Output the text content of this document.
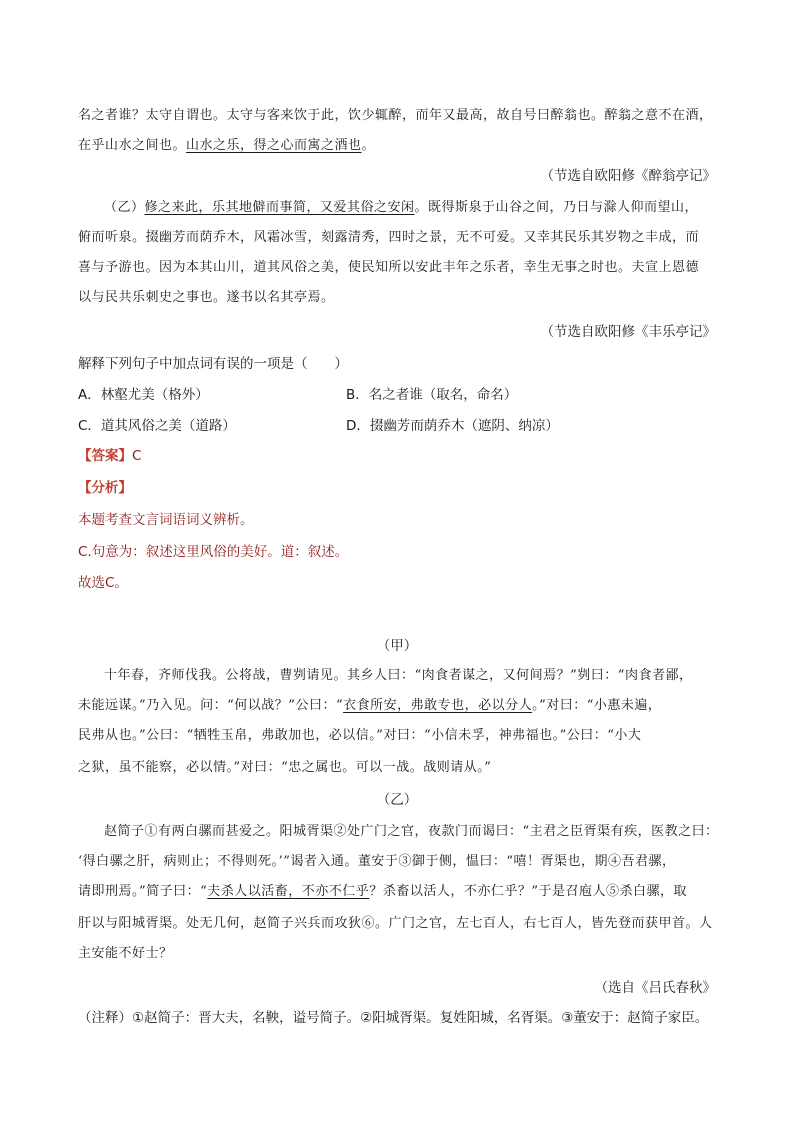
名之者谁？太守自谓也。太守与客来饮于此，饮少辄醉，而年又最高，故自号曰醉翁也。醉翁之意不在酒，
在乎山水之间也。山水之乐，得之心而寓之酒也。
（节选自欧阳修《醉翁亭记》
（乙）修之来此，乐其地僻而事简，又爱其俗之安闲。既得斯泉于山谷之间，乃日与滁人仰而望山，
俯而听泉。掇幽芳而荫乔木，风霜冰雪，刻露清秀，四时之景，无不可爱。又幸其民乐其岁物之丰成，而
喜与予游也。因为本其山川，道其风俗之美，使民知所以安此丰年之乐者，幸生无事之时也。夫宣上恩德
以与民共乐刺史之事也。遂书以名其亭焉。
（节选自欧阳修《丰乐亭记》
解释下列句子中加点词有误的一项是（　　）
A．林壑尤美（格外）	B．名之者谁（取名，命名）
C．道其风俗之美（道路）	D．掇幽芳而荫乔木（遮阴、纳凉）
【答案】C
【分析】
本题考查文言词语词义辨析。
C.句意为：叙述这里风俗的美好。道：叙述。
故选C。
（甲）
十年春，齐师伐我。公将战，曹刿请见。其乡人曰：“肉食者谋之，又何间焉？”刿曰：“肉食者鄙，
未能远谋。”乃入见。问：“何以战？”公曰：“衣食所安，弗敢专也，必以分人。”对曰：“小惠未遍，
民弗从也。”公曰：“牺牲玉帛，弗敢加也，必以信。”对曰：“小信未孚，神弗福也。”公曰：“小大
之狱，虽不能察，必以情。”对曰：“忠之属也。可以一战。战则请从。”
（乙）
赵简子①有两白骡而甚爱之。阳城胥渠②处广门之官，夜款门而谒曰：“主君之臣胥渠有疾，医教之曰：
‘得白骡之肝，病则止；不得则死。’”谒者入通。董安于③御于侧，愠曰：“嘻！胥渠也，期④吾君骡，
请即刑焉。”简子曰：“夫杀人以活畜，不亦不仁乎？杀畜以活人，不亦仁乎？”于是召庖人⑤杀白骡，取
肝以与阳城胥渠。处无几何，赵简子兴兵而攻狄⑥。广门之官，左七百人，右七百人，皆先登而获甲首。人
主安能不好士？
（选自《吕氏春秋》
（注释）①赵简子：晋大夫，名鞅，谥号简子。②阳城胥渠。复姓阳城，名胥渠。③董安于：赵简子家臣。
